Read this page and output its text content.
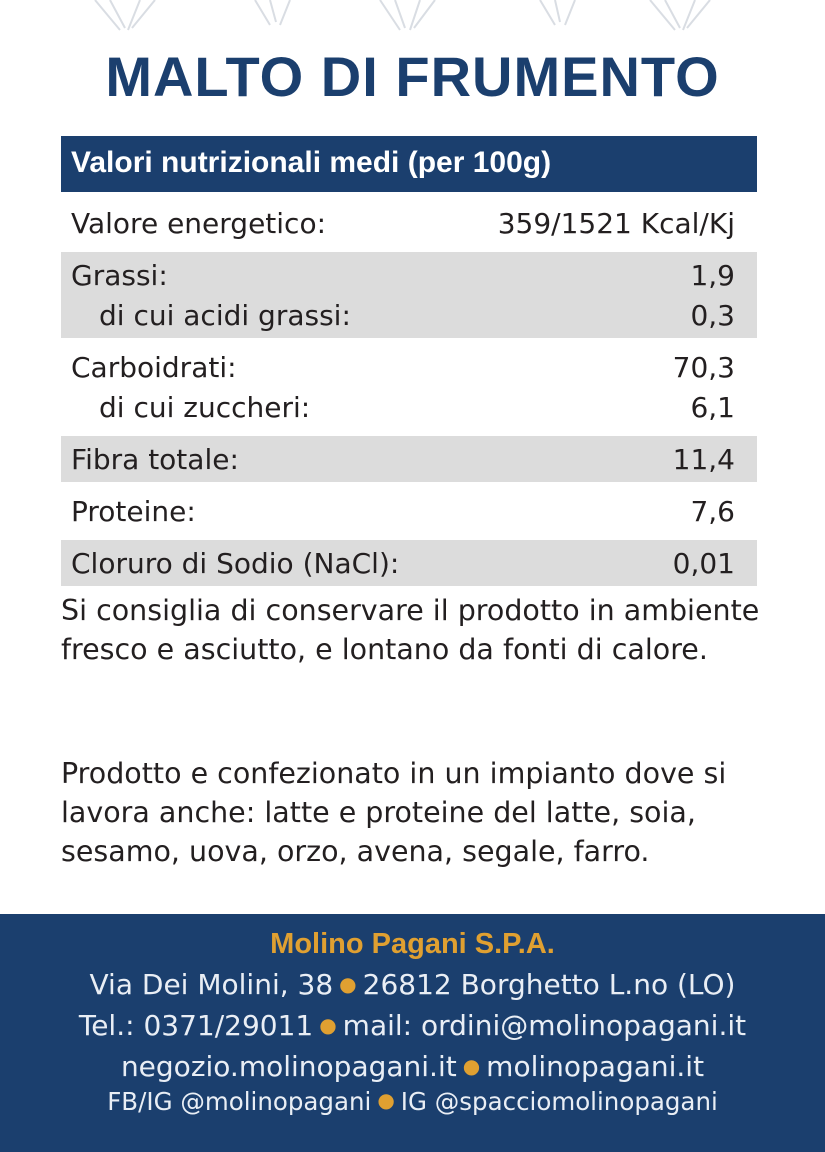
MALTO DI FRUMENTO
Valori nutrizionali medi (per 100g)
Valore energetico:	359/1521 Kcal/Kj
Grassi:	1,9
di cui acidi grassi:	0,3
Carboidrati:	70,3
di cui zuccheri:	6,1
Fibra totale:	11,4
Proteine:	7,6
Cloruro di Sodio (NaCl):	0,01

Si consiglia di conservare il prodotto in ambiente fresco e asciutto, e lontano da fonti di calore.

Prodotto e confezionato in un impianto dove si lavora anche: latte e proteine del latte, soia, sesamo, uova, orzo, avena, segale, farro.

Molino Pagani S.P.A.
Via Dei Molini, 38 ● 26812 Borghetto L.no (LO)
Tel.: 0371/29011 ● mail: ordini@molinopagani.it
negozio.molinopagani.it ● molinopagani.it
FB/IG @molinopagani ● IG @spacciomolinopagani
